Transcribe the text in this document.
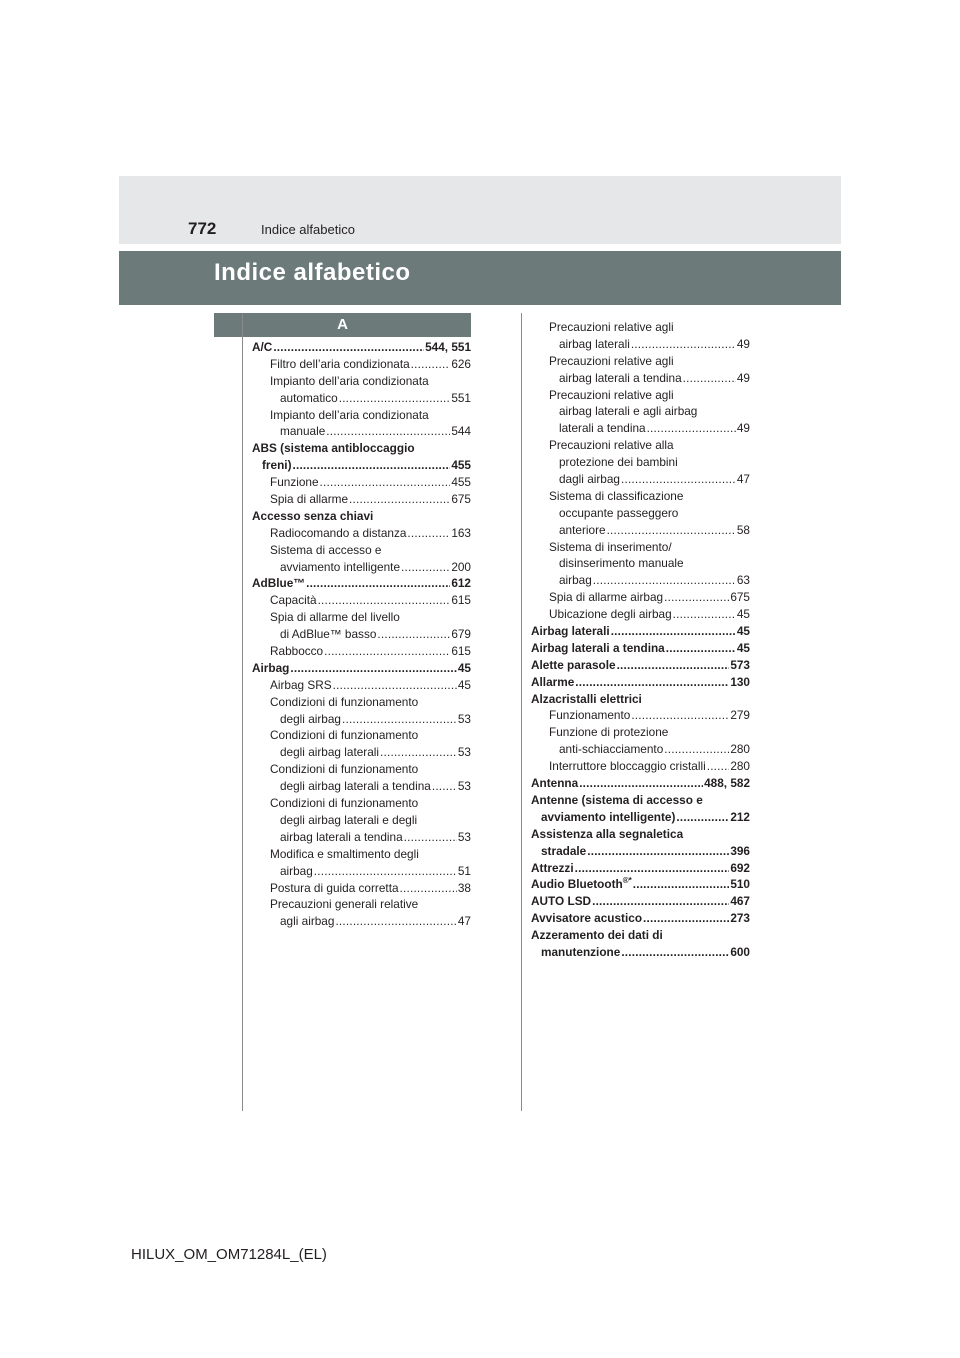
772	Indice alfabetico
Indice alfabetico
A
A/C .....	544, 551
Filtro dell’aria condizionata .....	626
Impianto dell’aria condizionata
automatico .....	551
Impianto dell’aria condizionata
manuale .....	544
ABS (sistema antibloccaggio
freni) .....	455
Funzione .....	455
Spia di allarme .....	675
Accesso senza chiavi
Radiocomando a distanza .....	163
Sistema di accesso e
avviamento intelligente .....	200
AdBlue™ .....	612
Capacità .....	615
Spia di allarme del livello
di AdBlue™ basso .....	679
Rabbocco .....	615
Airbag .....	45
Airbag SRS .....	45
Condizioni di funzionamento
degli airbag .....	53
Condizioni di funzionamento
degli airbag laterali .....	53
Condizioni di funzionamento
degli airbag laterali a tendina ..... 53
Condizioni di funzionamento
degli airbag laterali e degli
airbag laterali a tendina .....	53
Modifica e smaltimento degli
airbag .....	51
Postura di guida corretta .....	38
Precauzioni generali relative
agli airbag .....	47
Precauzioni relative agli
airbag laterali .....	49
Precauzioni relative agli
airbag laterali a tendina .....	49
Precauzioni relative agli
airbag laterali e agli airbag
laterali a tendina .....	49
Precauzioni relative alla
protezione dei bambini
dagli airbag .....	47
Sistema di classificazione
occupante passeggero
anteriore .....	58
Sistema di inserimento/
disinserimento manuale
airbag .....	63
Spia di allarme airbag .....	675
Ubicazione degli airbag .....	45
Airbag laterali .....	45
Airbag laterali a tendina .....	45
Alette parasole .....	573
Allarme .....	130
Alzacristalli elettrici
Funzionamento .....	279
Funzione di protezione
anti-schiacciamento .....	280
Interruttore bloccaggio cristalli ..... 280
Antenna .....	488, 582
Antenne (sistema di accesso e
avviamento intelligente) .....	212
Assistenza alla segnaletica
stradale .....	396
Attrezzi .....	692
Audio Bluetooth®* .....	510
AUTO LSD .....	467
Avvisatore acustico .....	273
Azzeramento dei dati di
manutenzione .....	600
HILUX_OM_OM71284L_(EL)
